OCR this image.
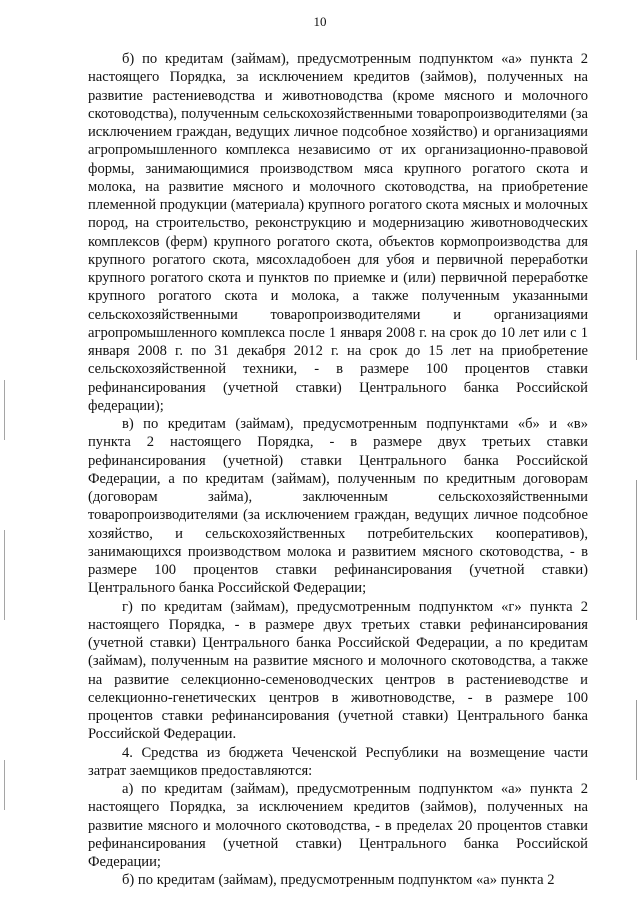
10

б) по кредитам (займам), предусмотренным подпунктом «а» пункта 2 настоящего Порядка, за исключением кредитов (займов), полученных на развитие растениеводства и животноводства (кроме мясного и молочного скотоводства), полученным сельскохозяйственными товаропроизводителями (за исключением граждан, ведущих личное подсобное хозяйство) и организациями агропромышленного комплекса независимо от их организационно-правовой формы, занимающимися производством мяса крупного рогатого скота и молока, на развитие мясного и молочного скотоводства, на приобретение племенной продукции (материала) крупного рогатого скота мясных и молочных пород, на строительство, реконструкцию и модернизацию животноводческих комплексов (ферм) крупного рогатого скота, объектов кормопроизводства для крупного рогатого скота, мясохладобоен для убоя и первичной переработки крупного рогатого скота и пунктов по приемке и (или) первичной переработке крупного рогатого скота и молока, а также полученным указанными сельскохозяйственными товаропроизводителями и организациями агропромышленного комплекса после 1 января 2008 г. на срок до 10 лет или с 1 января 2008 г. по 31 декабря 2012 г. на срок до 15 лет на приобретение сельскохозяйственной техники, - в размере 100 процентов ставки рефинансирования (учетной ставки) Центрального банка Российской федерации);

в) по кредитам (займам), предусмотренным подпунктами «б» и «в» пункта 2 настоящего Порядка, - в размере двух третьих ставки рефинансирования (учетной) ставки Центрального банка Российской Федерации, а по кредитам (займам), полученным по кредитным договорам (договорам займа), заключенным сельскохозяйственными товаропроизводителями (за исключением граждан, ведущих личное подсобное хозяйство, и сельскохозяйственных потребительских кооперативов), занимающихся производством молока и развитием мясного скотоводства, - в размере 100 процентов ставки рефинансирования (учетной ставки) Центрального банка Российской Федерации;

г) по кредитам (займам), предусмотренным подпунктом «г» пункта 2 настоящего Порядка, - в размере двух третьих ставки рефинансирования (учетной ставки) Центрального банка Российской Федерации, а по кредитам (займам), полученным на развитие мясного и молочного скотоводства, а также на развитие селекционно-семеноводческих центров в растениеводстве и селекционно-генетических центров в животноводстве, - в размере 100 процентов ставки рефинансирования (учетной ставки) Центрального банка Российской Федерации.

4. Средства из бюджета Чеченской Республики на возмещение части затрат заемщиков предоставляются:

а) по кредитам (займам), предусмотренным подпунктом «а» пункта 2 настоящего Порядка, за исключением кредитов (займов), полученных на развитие мясного и молочного скотоводства, - в пределах 20 процентов ставки рефинансирования (учетной ставки) Центрального банка Российской Федерации;

б) по кредитам (займам), предусмотренным подпунктом «а» пункта 2
